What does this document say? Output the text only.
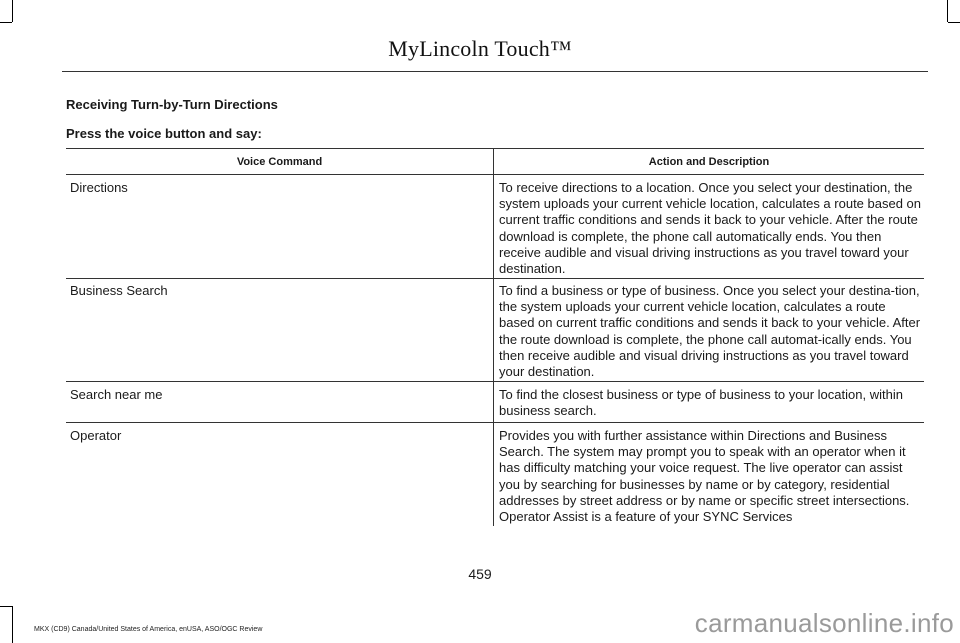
MyLincoln Touch™
Receiving Turn-by-Turn Directions
Press the voice button and say:
Voice Command	Action and Description
Directions	To receive directions to a location. Once you select your destination, the system uploads your current vehicle location, calculates a route based on current traffic conditions and sends it back to your vehicle. After the route download is complete, the phone call automatically ends. You then receive audible and visual driving instructions as you travel toward your destination.
Business Search	To find a business or type of business. Once you select your destina-tion, the system uploads your current vehicle location, calculates a route based on current traffic conditions and sends it back to your vehicle. After the route download is complete, the phone call automat-ically ends. You then receive audible and visual driving instructions as you travel toward your destination.
Search near me	To find the closest business or type of business to your location, within business search.
Operator	Provides you with further assistance within Directions and Business Search. The system may prompt you to speak with an operator when it has difficulty matching your voice request. The live operator can assist you by searching for businesses by name or by category, residential addresses by street address or by name or specific street intersections. Operator Assist is a feature of your SYNC Services
459
MKX (CD9) Canada/United States of America, enUSA, ASO/OGC Review	carmanualsonline.info
